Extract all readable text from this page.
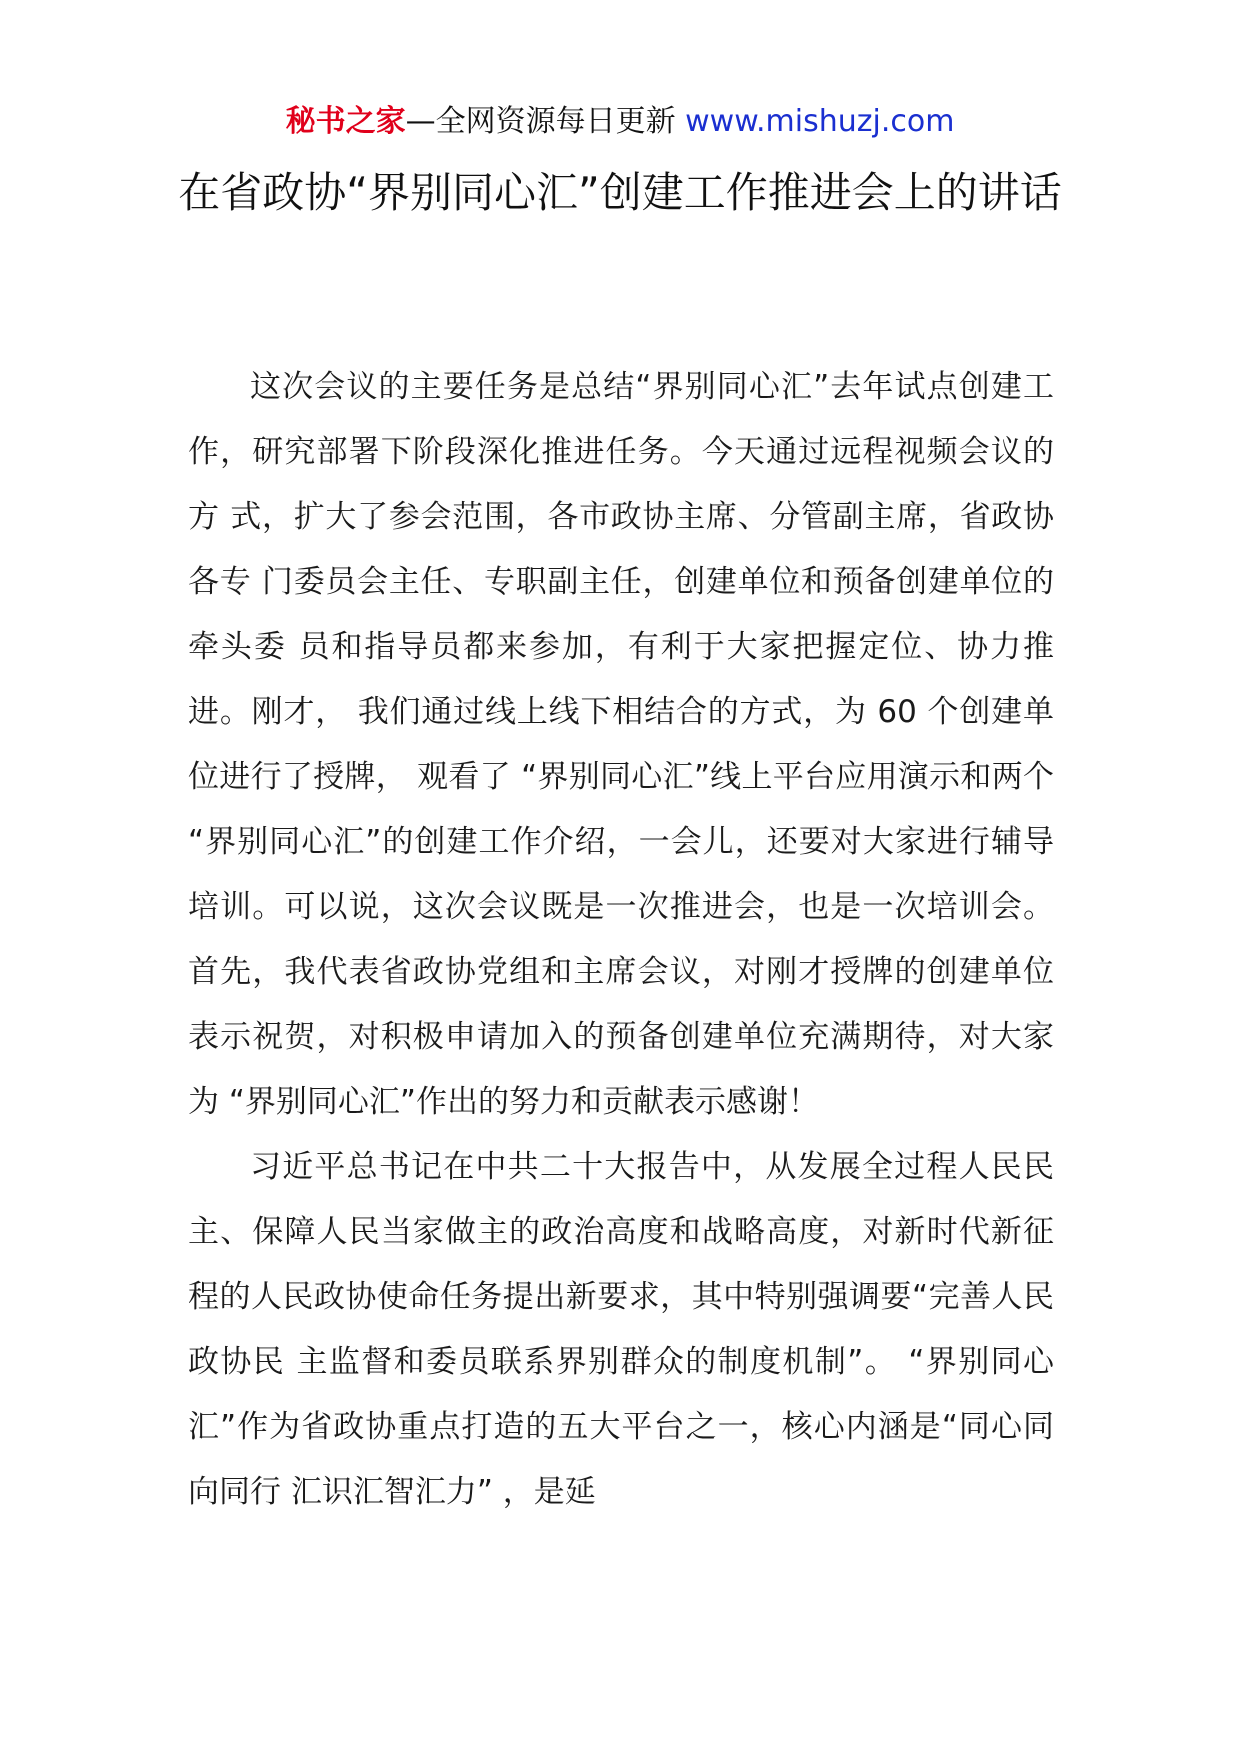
秘书之家—全网资源每日更新 www.mishuzj.com
在省政协“界别同心汇”创建工作推进会上的讲话

这次会议的主要任务是总结“界别同心汇”去年试点创建工 作，研究部署下阶段深化推进任务。今天通过远程视频会议的方 式，扩大了参会范围，各市政协主席、分管副主席，省政协各专 门委员会主任、专职副主任，创建单位和预备创建单位的牵头委 员和指导员都来参加，有利于大家把握定位、协力推进。刚才， 我们通过线上线下相结合的方式，为 60 个创建单位进行了授牌， 观看了 “界别同心汇”线上平台应用演示和两个 “界别同心汇”的创建工作介绍，一会儿，还要对大家进行辅导培训。可以说，这次会议既是一次推进会，也是一次培训会。首先，我代表省政协党组和主席会议，对刚才授牌的创建单位表示祝贺，对积极申请加入的预备创建单位充满期待，对大家为 “界别同心汇”作出的努力和贡献表示感谢！

习近平总书记在中共二十大报告中，从发展全过程人民民主、保障人民当家做主的政治高度和战略高度，对新时代新征程的人民政协使命任务提出新要求，其中特别强调要“完善人民政协民 主监督和委员联系界别群众的制度机制”。 “界别同心汇”作为省政协重点打造的五大平台之一，核心内涵是“同心同向同行 汇识汇智汇力” ，是延
